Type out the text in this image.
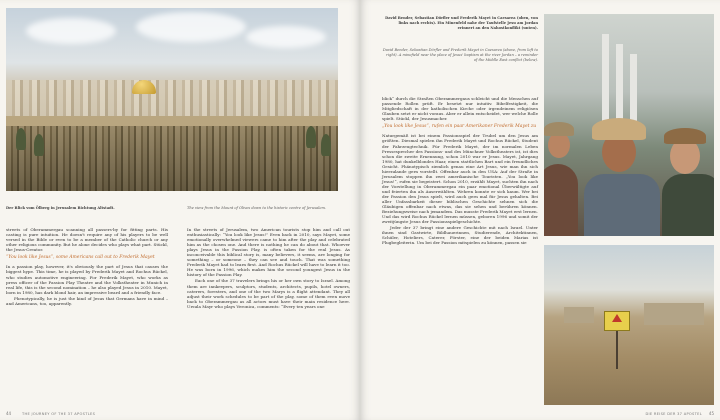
Der Blick vom Ölberg in Jerusalem Richtung Altstadt.	The view from the Mount of Olives down to the historic centre of Jerusalem.

streets of Oberammergau scanning all passers-by for fitting parts. His casting is pure intuition. He doesn't require any of his players to be well versed in the Bible or even to be a member of the Catholic church or any other religious community. But he alone decides who plays what part. Stückl, the Jesus-Creator.

“You look like Jesus”, some Americans call out to Frederik Mayet

In a passion play, however, it's obviously the part of Jesus that causes the biggest hype. This time, he is played by Frederik Mayet and Rochus Rückel, who studies automotive engineering. For Frederik Mayet, who works as press officer of the Passion Play Theatre and the Volkstheater in Munich in real life, this is the second nomination – he also played Jesus in 2010. Mayet, born in 1980, has dark blond hair, an impressive beard and a friendly face.

Phenotypically, he is just the kind of Jesus that Germans have in mind – and Americans, too, apparently.

In the streets of Jerusalem, two American tourists stop him and call out enthusiastically: “You look like Jesus!” Even back in 2010, says Mayet, some emotionally overwhelmed viewers came to him after the play and celebrated him as the chosen one. And there is nothing he can do about that. Whoever plays Jesus in the Passion Play, is often taken for the real Jesus. As inconceivable this biblical story is, many believers, it seems, are longing for something – or someone – they can see and touch. That was something Frederik Mayet had to learn first. And Rochus Rückel will have to learn it too. He was born in 1996, which makes him the second youngest Jesus in the history of the Passion Play.

Each one of the 37 travelers brings his or her own story to Israel. Among them are innkeepers, sculptors, students, architects, pupils, hotel owners, caterers, foresters, and one of the two Marys is a flight attendant. They all adjust their work schedules to be part of the play, some of them even move back to Oberammergau as all actors must have their main residence here. Ursula Mayr who plays Veronica, comments: “Every ten years one

44	THE JOURNEY OF THE 37 APOSTLES
David Bender, Sebastian Dörfler und Frederik Mayet in Caesarea (oben, von links nach rechts). Ein Minenfeld nahe der Taufstelle Jesu am Jordan erinnert an den Nahostkonflikt (unten).
David Bender, Sebastian Dörfler and Frederik Mayet in Caesarea (above, from left to right). A minefield near the place of Jesus' baptism at the river Jordan – a reminder of the Middle East conflict (below).

blick“ durch die Straßen Oberammergaus schleicht und die Menschen auf passende Rollen prüft. Er besetzt nur intuitiv. Bibelfestigkeit, die Mitgliedschaft in der katholischen Kirche oder irgendeinem religiösen Glauben setzt er nicht voraus. Aber er allein entscheidet, wer welche Rolle spielt. Stückl, der Jesusmacher.

„You look like Jesus“, rufen ein paar Amerikaner Frederik Mayet zu

Naturgemäß ist bei einem Passionsspiel der Trubel um den Jesus am größten. Diesmal spielen ihn Frederik Mayet und Rochus Rückel, Student der Fahrzeugtechnik. Für Frederik Mayet, der im normalen Leben Pressesprecher des Passions- und des Münchner Volkstheaters ist, ist dies schon die zweite Ernennung, schon 2010 war er Jesus. Mayet, Jahrgang 1980, hat dunkelblondes Haar, einen stattlichen Bart und ein freundliches Gesicht. Phänotypisch ziemlich genau eine Art Jesus, wie man ihn sich hierzulande gern vorstellt. Offenbar auch in den USA: Auf der Straße in Jerusalem stoppen ihn zwei amerikanische Touristen. „You look like Jesus!“, rufen sie begeistert. Schon 2010, erzählt Mayet, suchten ihn nach der Vorstellung in Oberammergau ein paar emotional Überwältigte auf und feierten ihn als Auserwählten. Wehren konnte er sich kaum. Wer bei der Passion den Jesus spielt, wird auch gern mal für Jesus gehalten. Bei aller Unfassbarkeit dieser biblischen Geschichte sehnen sich die Gläubigen offenbar nach etwas, das sie sehen und berühren können. Beziehungsweise nach jemandem. Das musste Frederik Mayet erst lernen. Und das wird Rochus Rückel lernen müssen, geboren 1996 und somit der zweitjüngste Jesus der Passionsspielgeschichte.

Jeder der 37 bringt eine andere Geschichte mit nach Israel. Unter ihnen sind Gastwirte, Bildhauerinnen, Studierende, Architektinnen, Schüler, Hoteliers, Caterer, Förster, eine der beiden Marias ist Flugbegleiterin. Um bei der Passion mitspielen zu können, passen sie

DIE REISE DER 37 APOSTEL 45
